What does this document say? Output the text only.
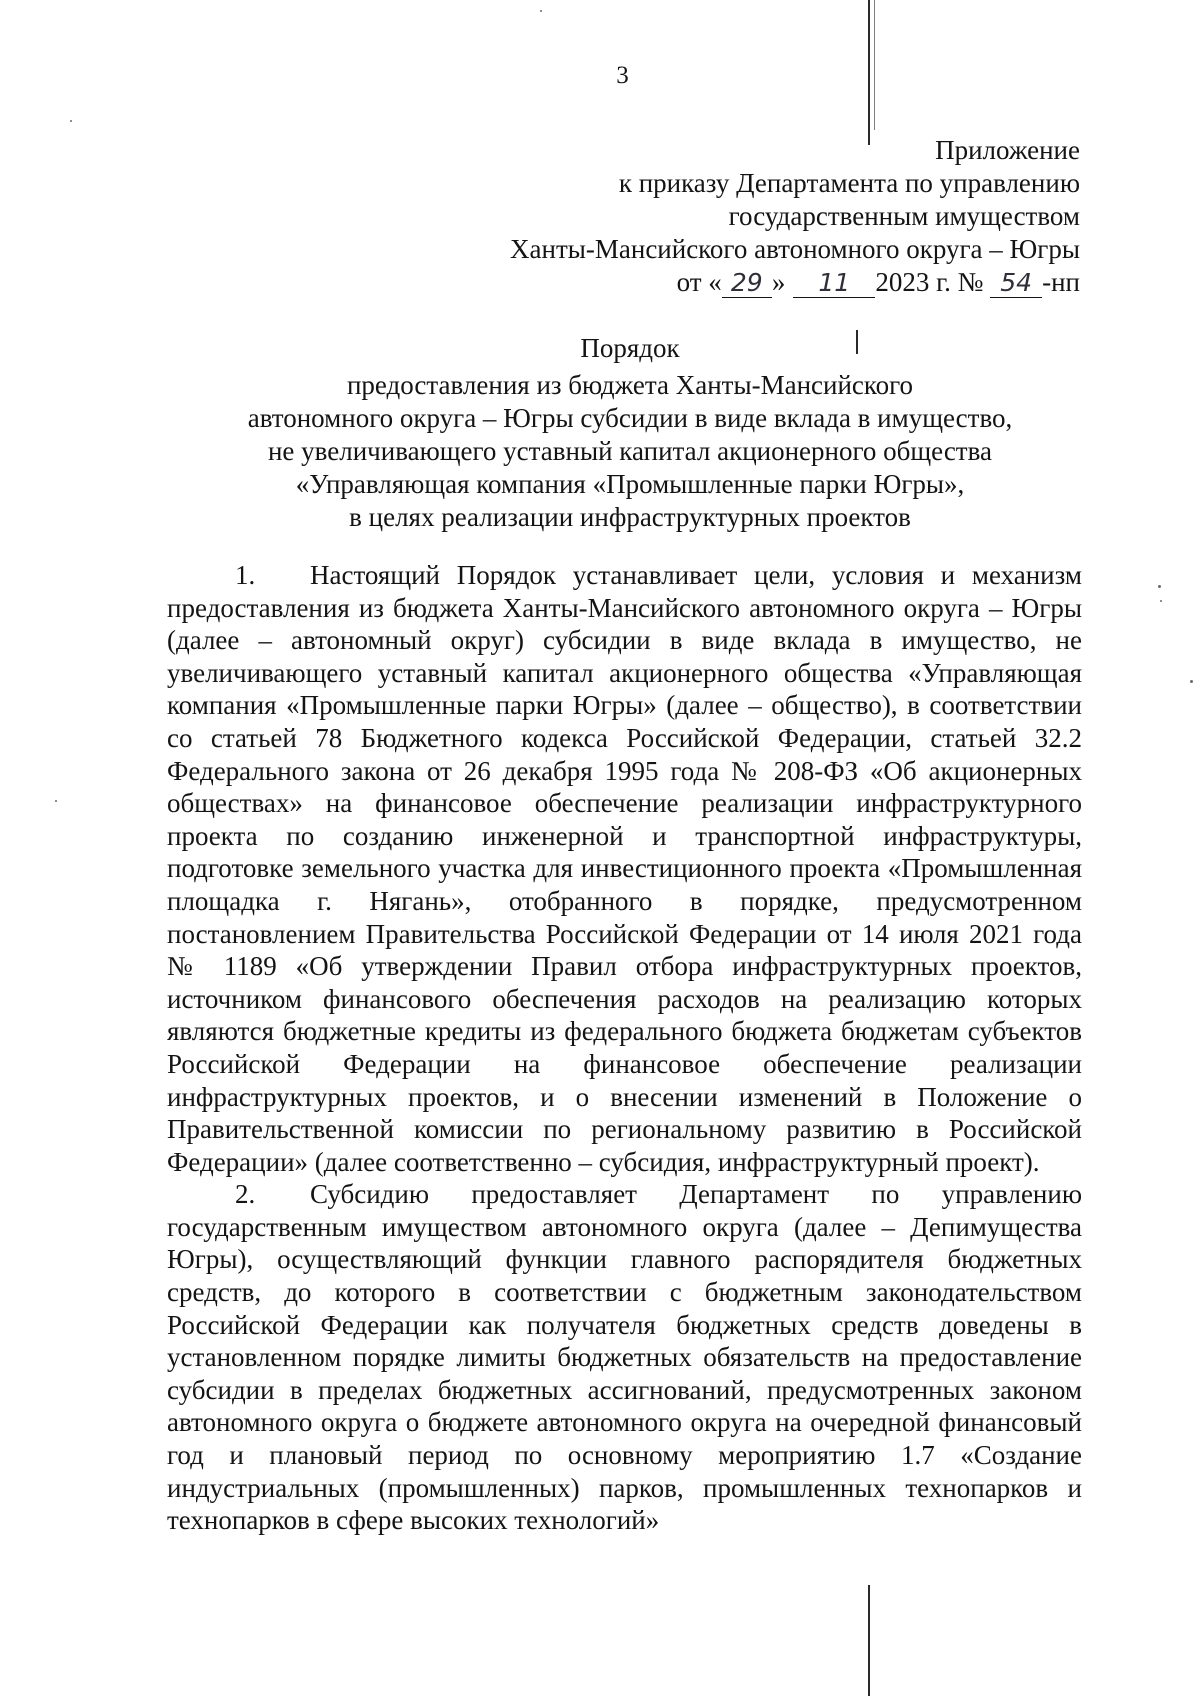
3
Приложение
к приказу Департамента по управлению
государственным имуществом
Ханты-Мансийского автономного округа – Югры
от « 29 » 11 2023 г. № 54 -нп
Порядок
предоставления из бюджета Ханты-Мансийского
автономного округа – Югры субсидии в виде вклада в имущество,
не увеличивающего уставный капитал акционерного общества
«Управляющая компания «Промышленные парки Югры»,
в целях реализации инфраструктурных проектов

1. Настоящий Порядок устанавливает цели, условия и механизм предоставления из бюджета Ханты-Мансийского автономного округа – Югры (далее – автономный округ) субсидии в виде вклада в имущество, не увеличивающего уставный капитал акционерного общества «Управляющая компания «Промышленные парки Югры» (далее – общество), в соответствии со статьей 78 Бюджетного кодекса Российской Федерации, статьей 32.2 Федерального закона от 26 декабря 1995 года № 208-ФЗ «Об акционерных обществах» на финансовое обеспечение реализации инфраструктурного проекта по созданию инженерной и транспортной инфраструктуры, подготовке земельного участка для инвестиционного проекта «Промышленная площадка г. Нягань», отобранного в порядке, предусмотренном постановлением Правительства Российской Федерации от 14 июля 2021 года № 1189 «Об утверждении Правил отбора инфраструктурных проектов, источником финансового обеспечения расходов на реализацию которых являются бюджетные кредиты из федерального бюджета бюджетам субъектов Российской Федерации на финансовое обеспечение реализации инфраструктурных проектов, и о внесении изменений в Положение о Правительственной комиссии по региональному развитию в Российской Федерации» (далее соответственно – субсидия, инфраструктурный проект).

2. Субсидию предоставляет Департамент по управлению государственным имуществом автономного округа (далее – Депимущества Югры), осуществляющий функции главного распорядителя бюджетных средств, до которого в соответствии с бюджетным законодательством Российской Федерации как получателя бюджетных средств доведены в установленном порядке лимиты бюджетных обязательств на предоставление субсидии в пределах бюджетных ассигнований, предусмотренных законом автономного округа о бюджете автономного округа на очередной финансовый год и плановый период по основному мероприятию 1.7 «Создание индустриальных (промышленных) парков, промышленных технопарков и технопарков в сфере высоких технологий»
